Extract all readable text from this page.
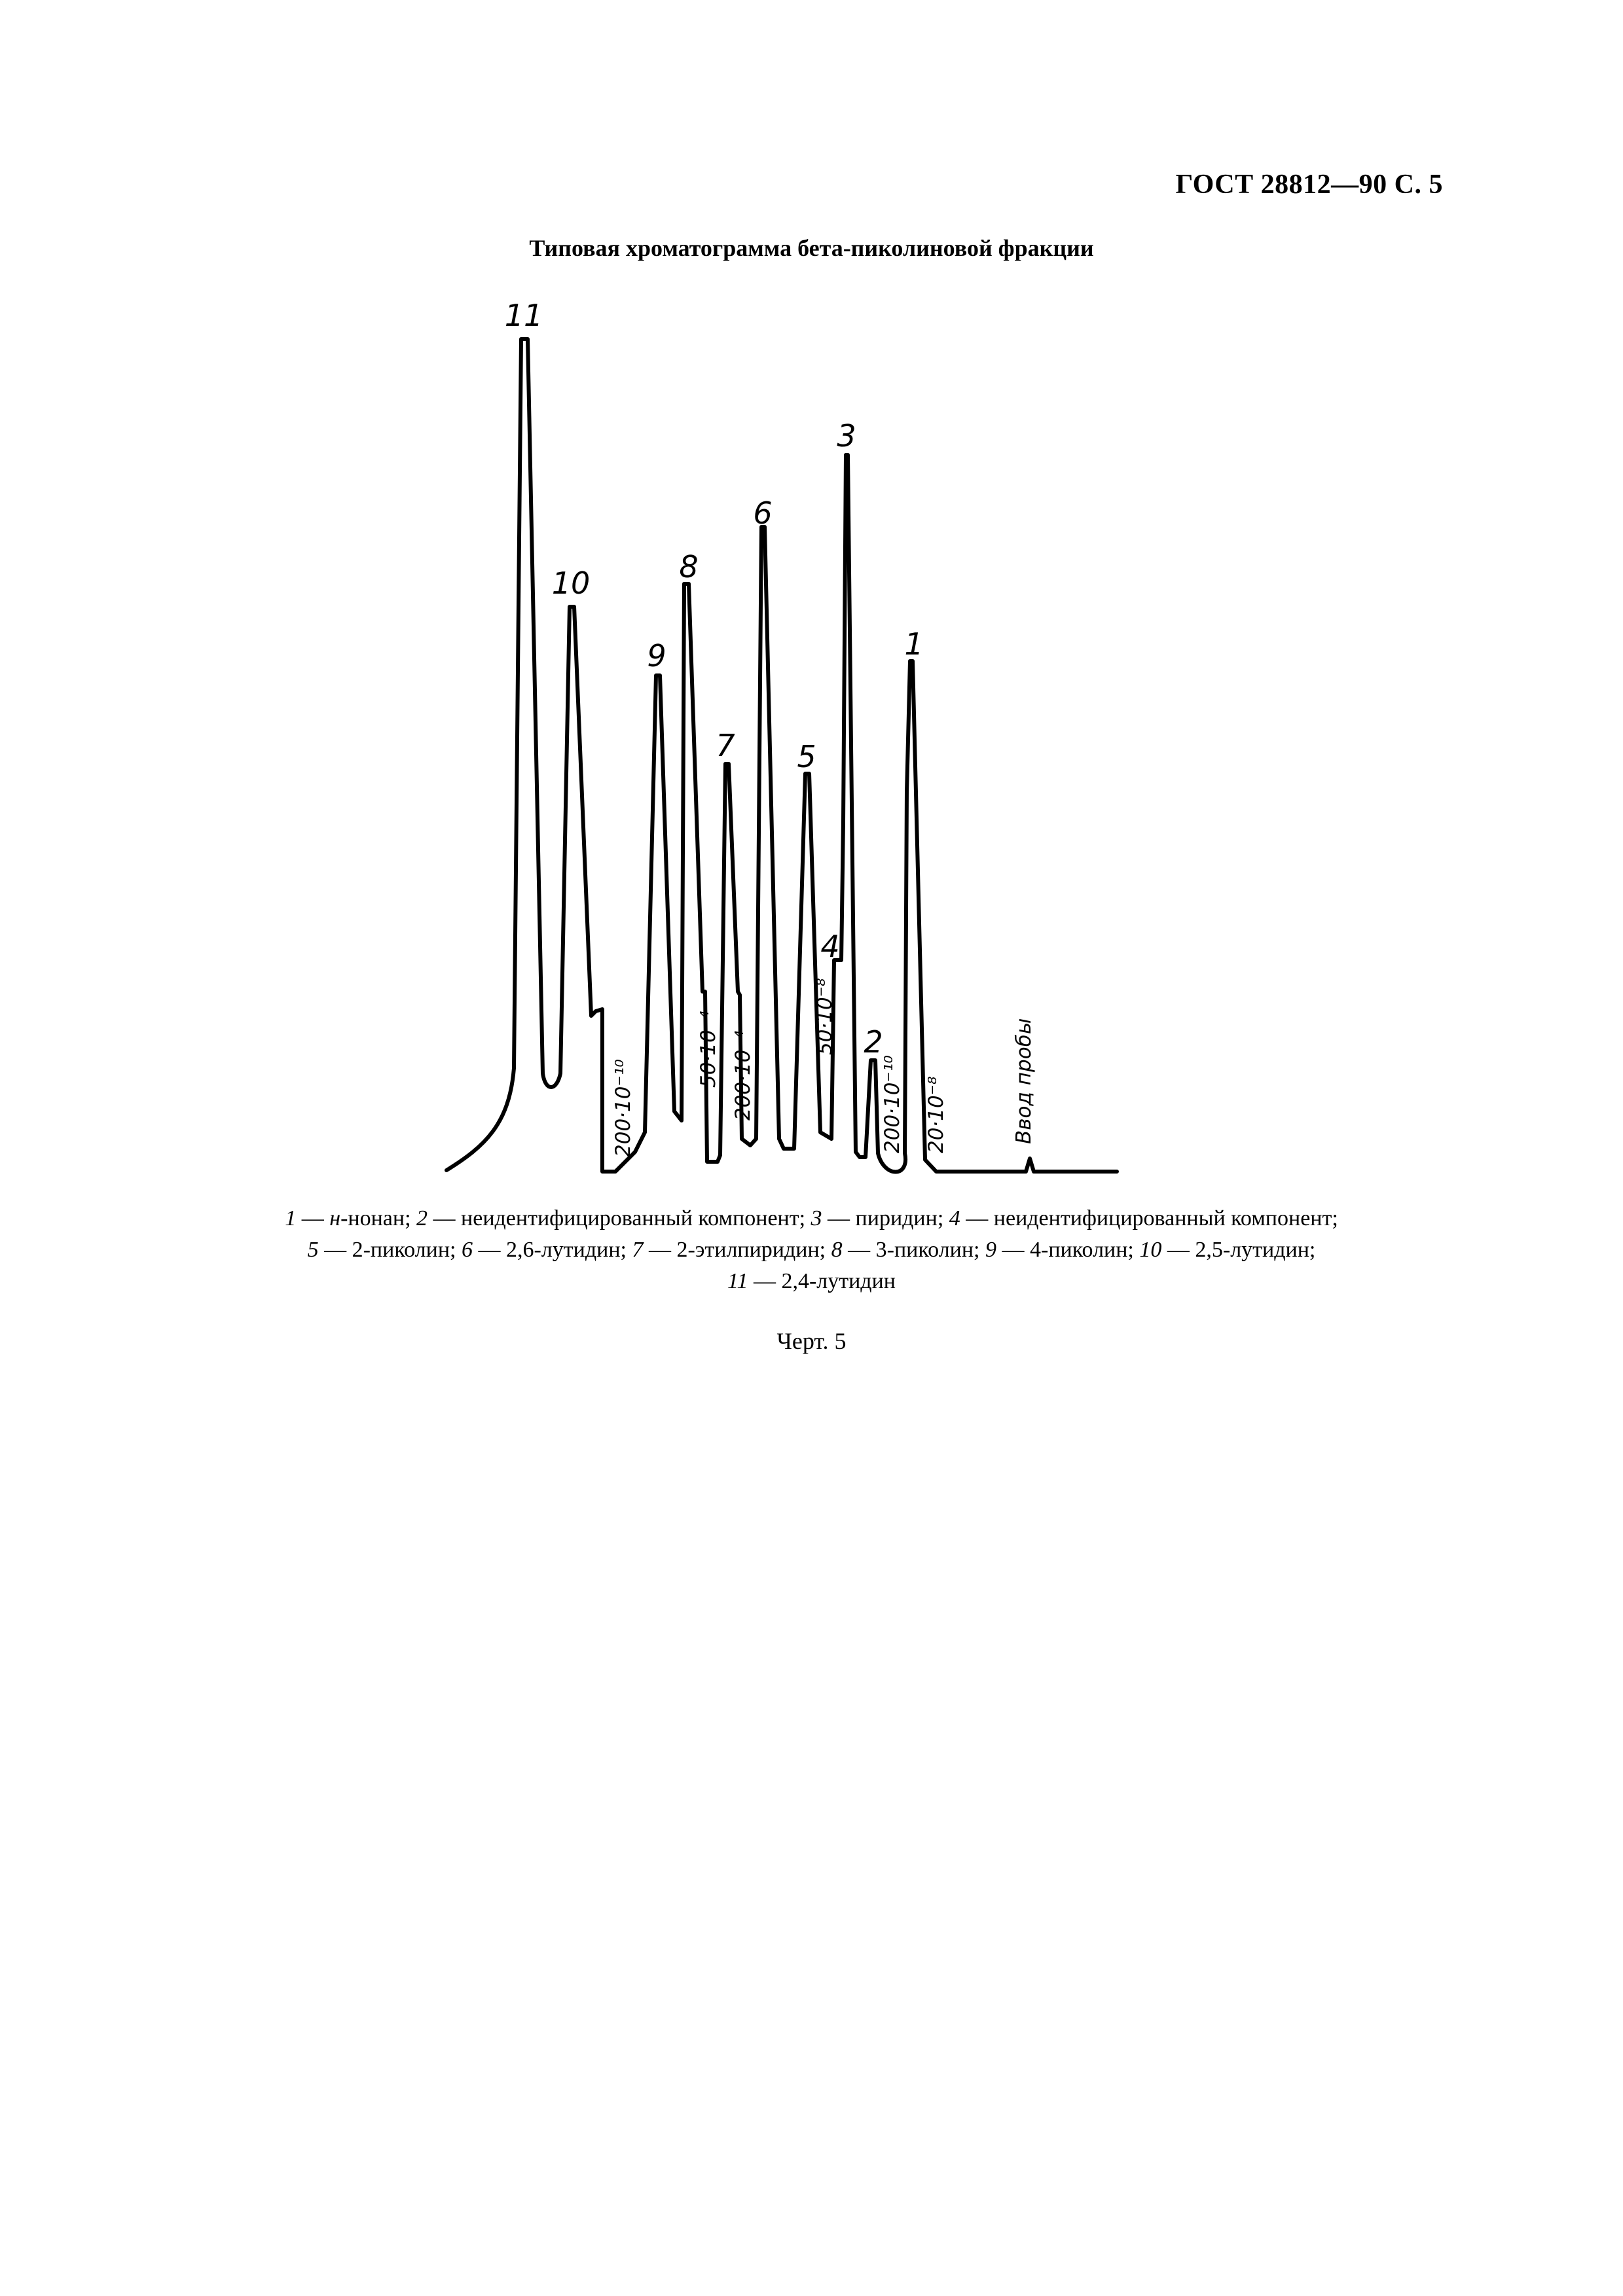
ГОСТ 28812—90 С. 5
Типовая хроматограмма бета-пиколиновой фракции
11
10
9
8
7
6
5
4
3
2
1
200·10⁻¹⁰
50·10⁻⁴ 200·10⁻⁴
50·10⁻⁸
200·10⁻¹⁰ 20·10⁻⁸	Ввод пробы
1 — н-нонан; 2 — неидентифицированный компонент; 3 — пиридин; 4 — неидентифицированный компонент;
5 — 2-пиколин; 6 — 2,6-лутидин; 7 — 2-этилпиридин; 8 — 3-пиколин; 9 — 4-пиколин; 10 — 2,5-лутидин;
11 — 2,4-лутидин
Черт. 5
